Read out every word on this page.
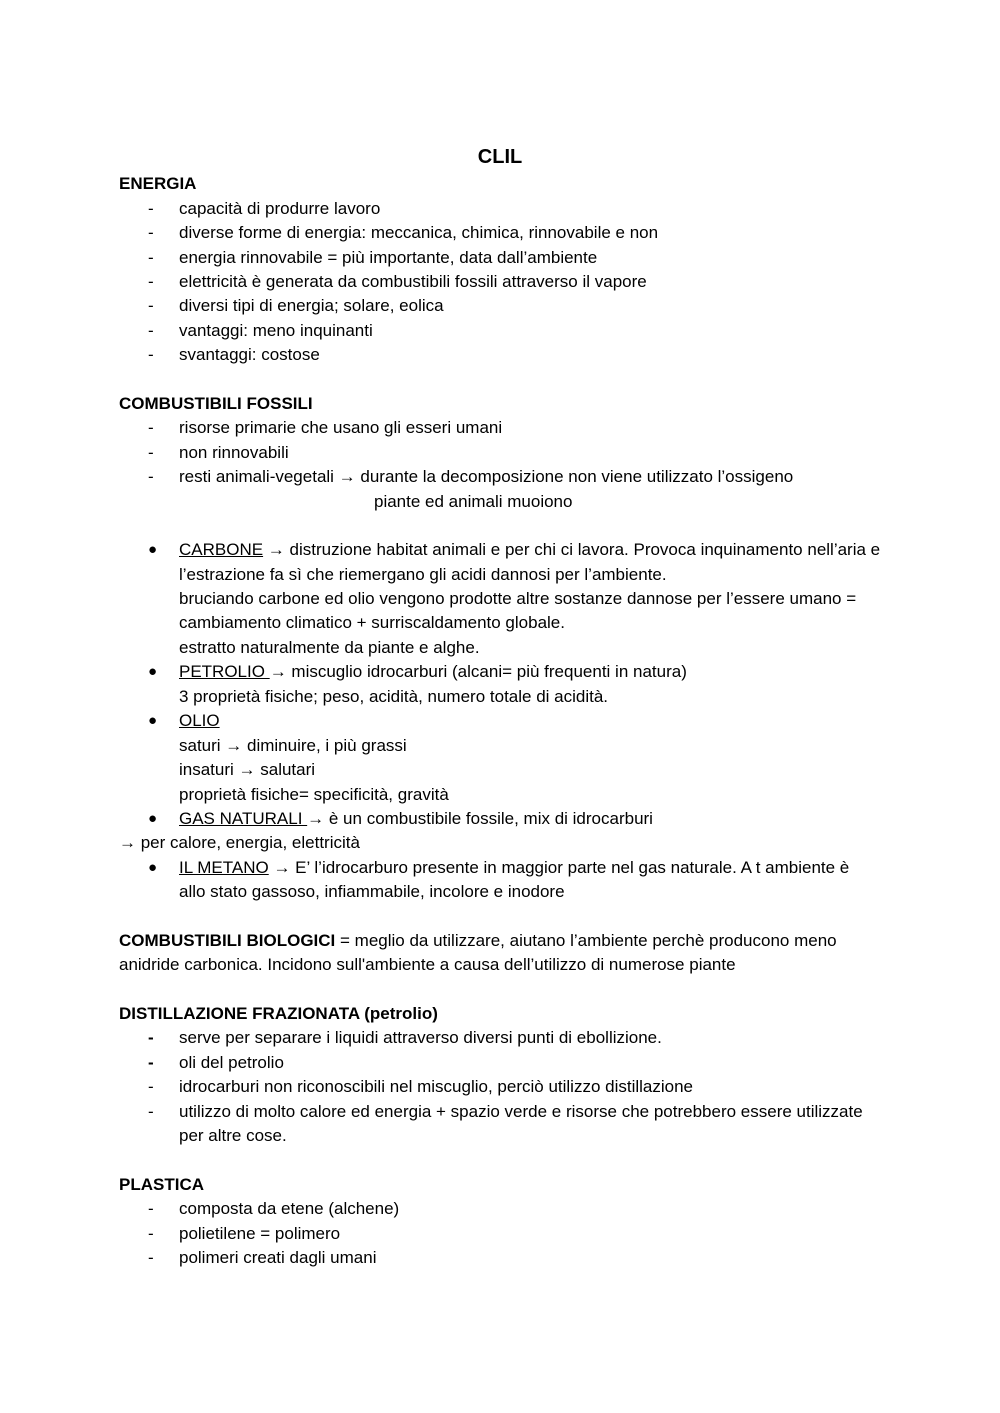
CLIL
ENERGIA
- capacità di produrre lavoro
- diverse forme di energia: meccanica, chimica, rinnovabile e non
- energia rinnovabile = più importante, data dall’ambiente
- elettricità è generata da combustibili fossili attraverso il vapore
- diversi tipi di energia; solare, eolica
- vantaggi: meno inquinanti
- svantaggi: costose
COMBUSTIBILI FOSSILI
- risorse primarie che usano gli esseri umani
- non rinnovabili
- resti animali-vegetali → durante la decomposizione non viene utilizzato l’ossigeno
piante ed animali muoiono
● CARBONE → distruzione habitat animali e per chi ci lavora. Provoca inquinamento nell’aria e
l’estrazione fa sì che riemergano gli acidi dannosi per l’ambiente.
bruciando carbone ed olio vengono prodotte altre sostanze dannose per l’essere umano =
cambiamento climatico + surriscaldamento globale.
estratto naturalmente da piante e alghe.
● PETROLIO → miscuglio idrocarburi (alcani= più frequenti in natura)
3 proprietà fisiche; peso, acidità, numero totale di acidità.
● OLIO
saturi → diminuire, i più grassi
insaturi → salutari
proprietà fisiche= specificità, gravità
● GAS NATURALI → è un combustibile fossile, mix di idrocarburi
→ per calore, energia, elettricità
● IL METANO → E’ l’idrocarburo presente in maggior parte nel gas naturale. A t ambiente è
allo stato gassoso, infiammabile, incolore e inodore
COMBUSTIBILI BIOLOGICI = meglio da utilizzare, aiutano l’ambiente perchè producono meno
anidride carbonica. Incidono sull'ambiente a causa dell’utilizzo di numerose piante
DISTILLAZIONE FRAZIONATA (petrolio)
- serve per separare i liquidi attraverso diversi punti di ebollizione.
- oli del petrolio
- idrocarburi non riconoscibili nel miscuglio, perciò utilizzo distillazione
- utilizzo di molto calore ed energia + spazio verde e risorse che potrebbero essere utilizzate
per altre cose.
PLASTICA
- composta da etene (alchene)
- polietilene = polimero
- polimeri creati dagli umani
